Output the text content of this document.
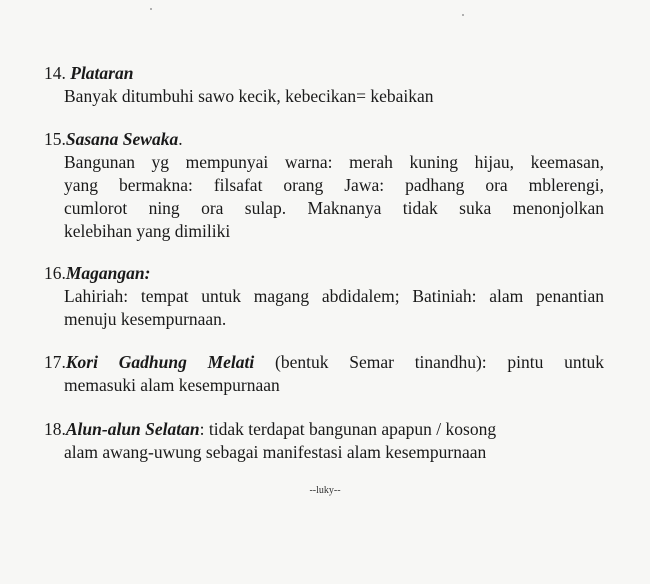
14. Plataran
Banyak ditumbuhi sawo kecik, kebecikan= kebaikan
15.Sasana Sewaka.
Bangunan yg mempunyai warna: merah kuning hijau, keemasan,
yang bermakna: filsafat orang Jawa: padhang ora mblerengi,
cumlorot ning ora sulap. Maknanya tidak suka menonjolkan
kelebihan yang dimiliki
16.Magangan:
Lahiriah: tempat untuk magang abdidalem; Batiniah: alam penantian
menuju kesempurnaan.
17.Kori Gadhung Melati (bentuk Semar tinandhu): pintu untuk
memasuki alam kesempurnaan
18.Alun-alun Selatan: tidak terdapat bangunan apapun / kosong
alam awang-uwung sebagai manifestasi alam kesempurnaan
--luky--
